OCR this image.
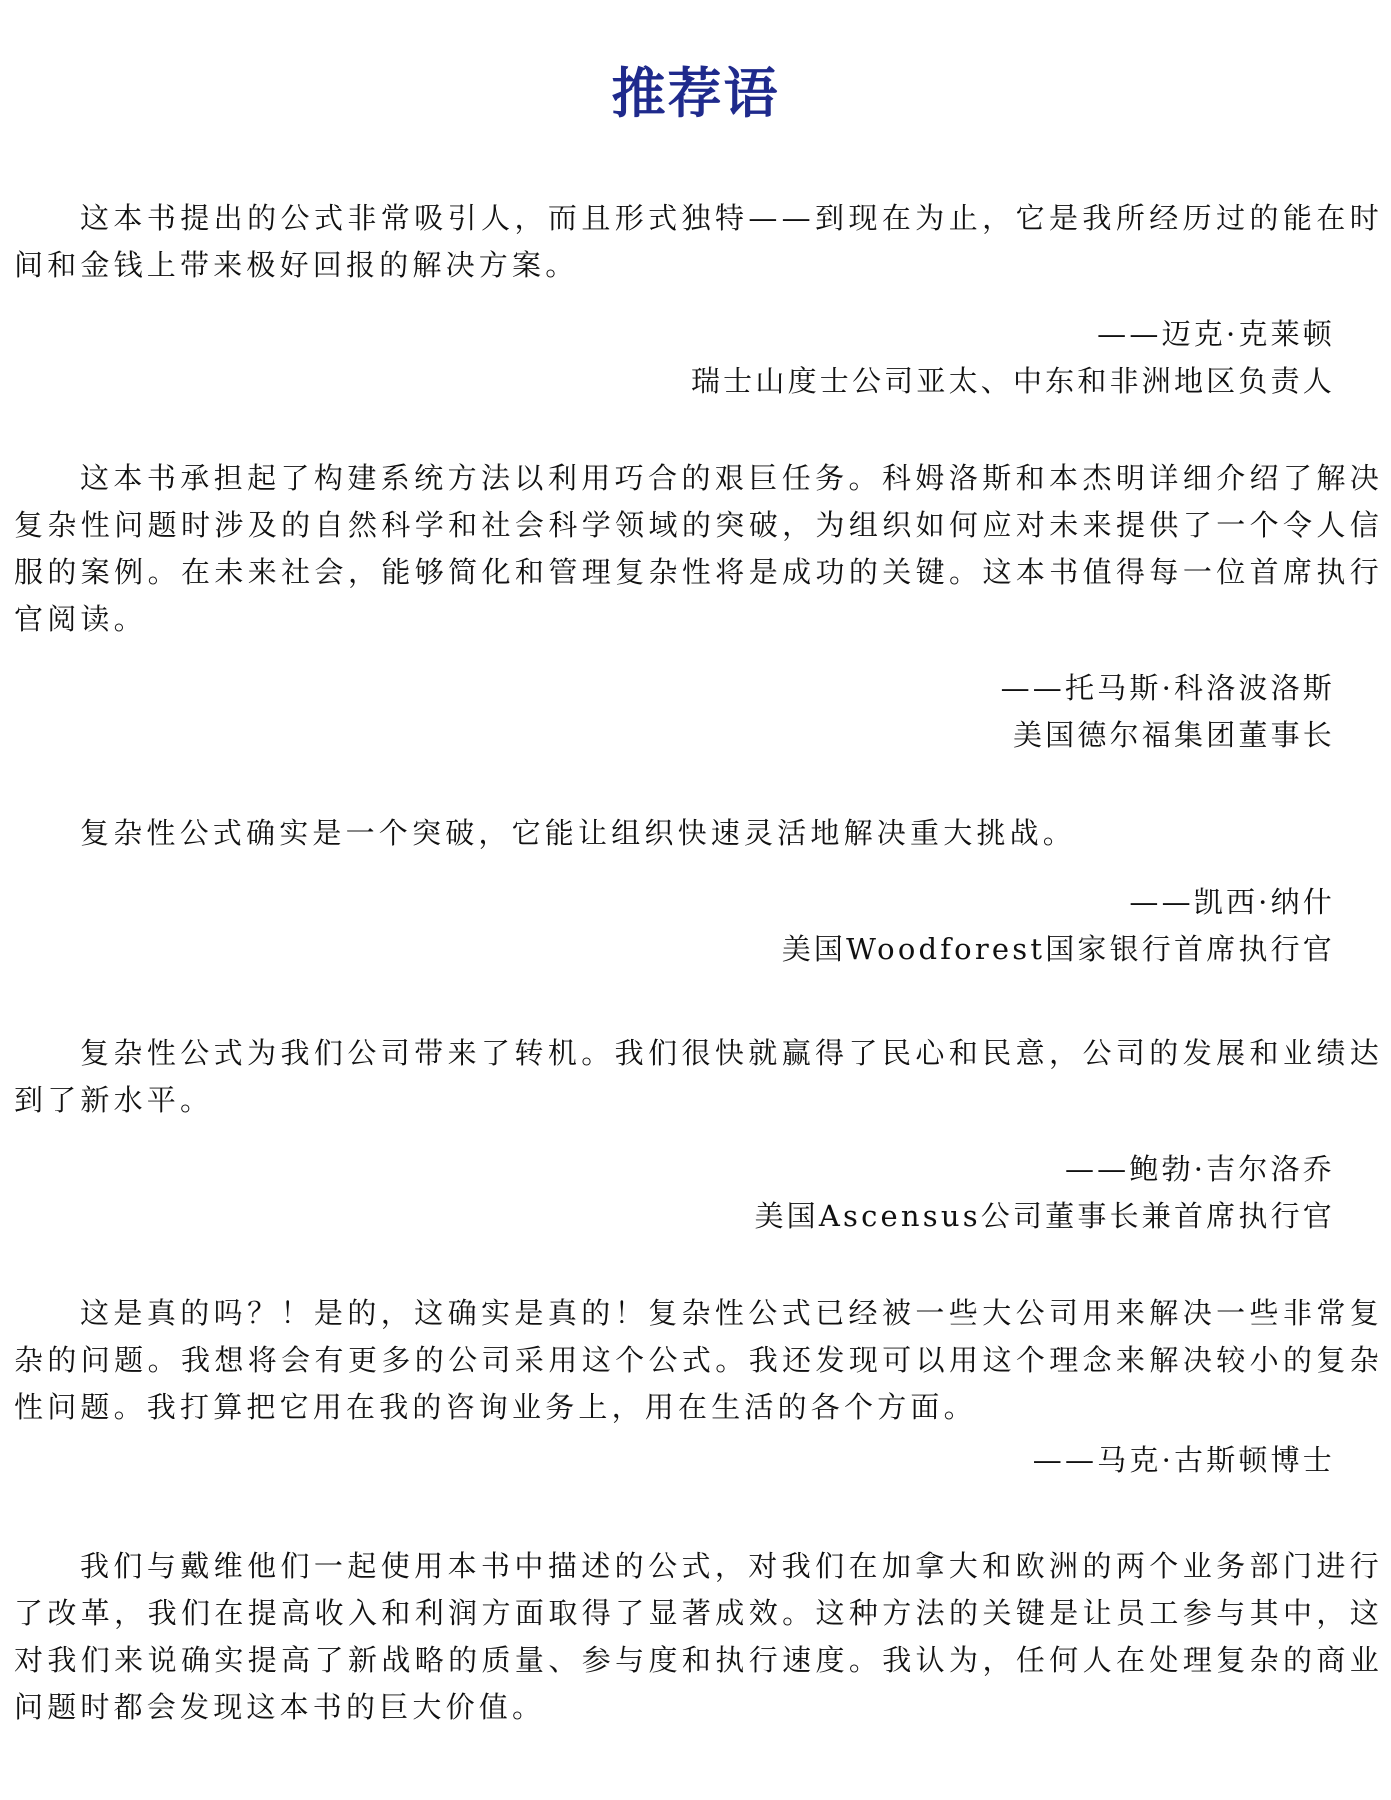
推荐语

这本书提出的公式非常吸引人，而且形式独特——到现在为止，它是我所经历过的能在时间和金钱上带来极好回报的解决方案。

——迈克·克莱顿

瑞士山度士公司亚太、中东和非洲地区负责人

这本书承担起了构建系统方法以利用巧合的艰巨任务。科姆洛斯和本杰明详细介绍了解决复杂性问题时涉及的自然科学和社会科学领域的突破，为组织如何应对未来提供了一个令人信服的案例。在未来社会，能够简化和管理复杂性将是成功的关键。这本书值得每一位首席执行官阅读。

——托马斯·科洛波洛斯

美国德尔福集团董事长

复杂性公式确实是一个突破，它能让组织快速灵活地解决重大挑战。

——凯西·纳什

美国Woodforest国家银行首席执行官

复杂性公式为我们公司带来了转机。我们很快就赢得了民心和民意，公司的发展和业绩达到了新水平。

——鲍勃·吉尔洛乔

美国Ascensus公司董事长兼首席执行官

这是真的吗？！是的，这确实是真的！复杂性公式已经被一些大公司用来解决一些非常复杂的问题。我想将会有更多的公司采用这个公式。我还发现可以用这个理念来解决较小的复杂性问题。我打算把它用在我的咨询业务上，用在生活的各个方面。

——马克·古斯顿博士

我们与戴维他们一起使用本书中描述的公式，对我们在加拿大和欧洲的两个业务部门进行了改革，我们在提高收入和利润方面取得了显著成效。这种方法的关键是让员工参与其中，这对我们来说确实提高了新战略的质量、参与度和执行速度。我认为，任何人在处理复杂的商业问题时都会发现这本书的巨大价值。
